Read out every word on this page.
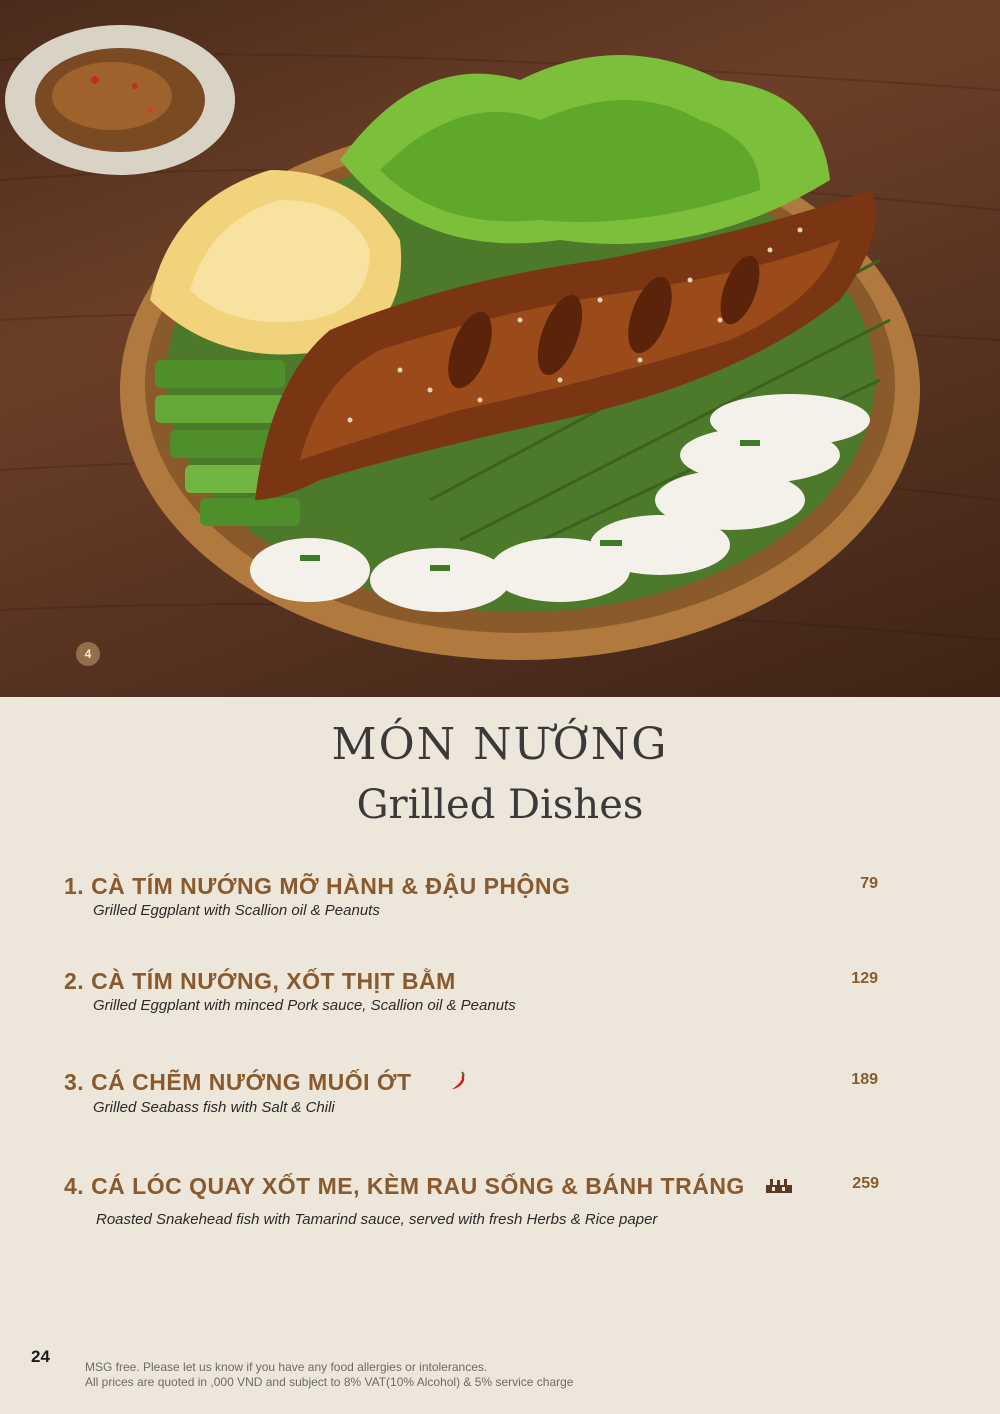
4
MÓN NƯỚNG
Grilled Dishes
1. CÀ TÍM NƯỚNG MỠ HÀNH & ĐẬU PHỘNG
Grilled Eggplant with Scallion oil & Peanuts
79
2. CÀ TÍM NƯỚNG, XỐT THỊT BẰM
Grilled Eggplant with minced Pork sauce, Scallion oil & Peanuts
129
3. CÁ CHẼM NƯỚNG MUỐI ỚT
Grilled Seabass fish with Salt & Chili
189
4. CÁ LÓC QUAY XỐT ME, KÈM RAU SỐNG & BÁNH TRÁNG
Roasted Snakehead fish with Tamarind sauce, served with fresh Herbs & Rice paper
259
24
MSG free. Please let us know if you have any food allergies or intolerances.
All prices are quoted in ,000 VND and subject to 8% VAT(10% Alcohol) & 5% service charge
